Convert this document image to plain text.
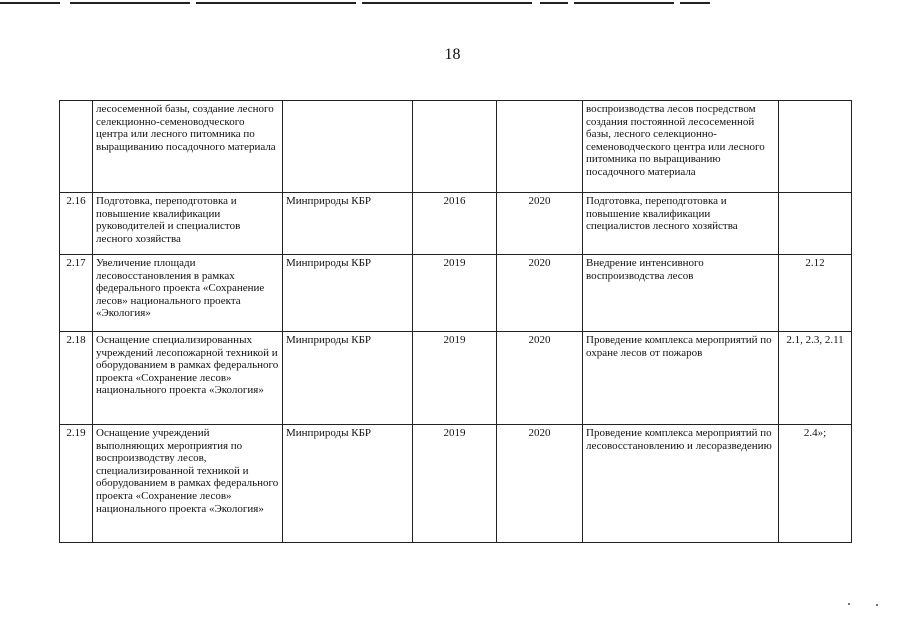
18
	лесосеменной базы, создание лесного селекционно-семеноводческого центра или лесного питомника по выращиванию посадочного материала				воспроизводства лесов посредством создания постоянной лесосеменной базы, лесного селекционно-семеноводческого центра или лесного питомника по выращиванию посадочного материала	
2.16	Подготовка, переподготовка и повышение квалификации руководителей и специалистов лесного хозяйства	Минприроды КБР	2016	2020	Подготовка, переподготовка и повышение квалификации специалистов лесного хозяйства	
2.17	Увеличение площади лесовосстановления в рамках федерального проекта «Сохранение лесов» национального проекта «Экология»	Минприроды КБР	2019	2020	Внедрение интенсивного воспроизводства лесов	2.12
2.18	Оснащение специализированных учреждений лесопожарной техникой и оборудованием в рамках федерального проекта «Сохранение лесов» национального проекта «Экология»	Минприроды КБР	2019	2020	Проведение комплекса мероприятий по охране лесов от пожаров	2.1, 2.3, 2.11
2.19	Оснащение учреждений выполняющих мероприятия по воспроизводству лесов, специализированной техникой и оборудованием в рамках федерального проекта «Сохранение лесов» национального проекта «Экология»	Минприроды КБР	2019	2020	Проведение комплекса мероприятий по лесовосстановлению и лесоразведению	2.4»;
